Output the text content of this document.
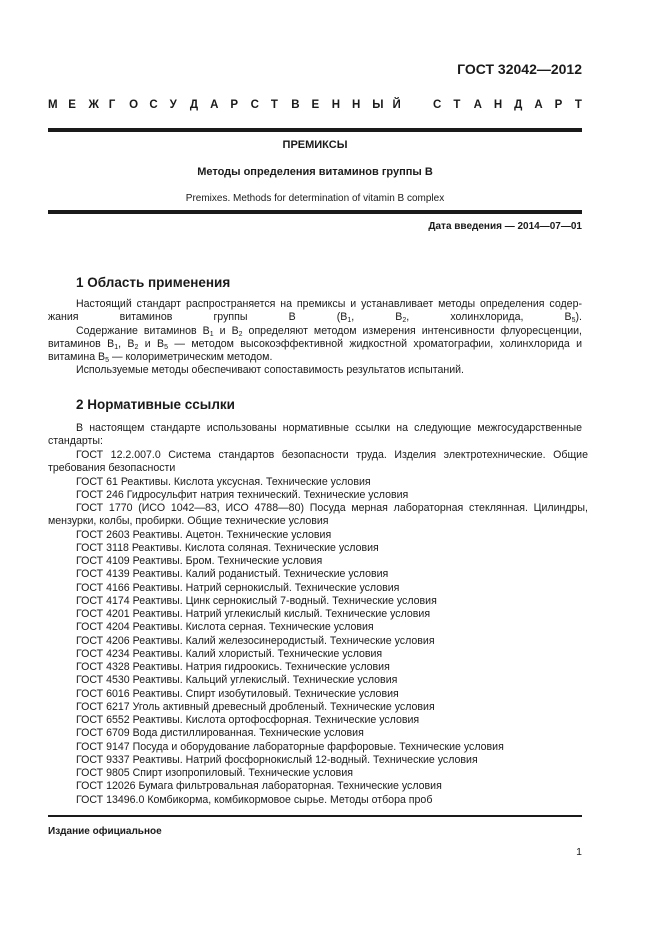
ГОСТ 32042—2012
М Е	Ж Г	О С	У	Д	А	Р	С	Т	В	Е	Н	Н	Ы Й	С	Т	А	Н	Д	А	Р	Т
ПРЕМИКСЫ
Методы определения витаминов группы В
Premixes. Methods for determination of vitamin B complex
Дата введения — 2014—07—01
1 Область применения

Настоящий стандарт распространяется на премиксы и устанавливает методы определения содер-жания витаминов группы В ($В_1$, $В_2$, холинхлорида, $В_5$).

Содержание витаминов $В_1$ и $В_2$ определяют методом измерения интенсивности флуоресценции, витаминов $В_1$, $В_2$ и $В_5$ — методом высокоэффективной жидкостной хроматографии, холинхлорида и витамина $В_5$ — колориметрическим методом.

Используемые методы обеспечивают сопоставимость результатов испытаний.

2 Нормативные ссылки

В настоящем стандарте использованы нормативные ссылки на следующие межгосударственные стандарты:

ГОСТ 12.2.007.0 Система стандартов безопасности труда. Изделия электротехнические. Общие требования безопасности
ГОСТ 61 Реактивы. Кислота уксусная. Технические условия
ГОСТ 246 Гидросульфит натрия технический. Технические условия
ГОСТ 1770 (ИСО 1042—83, ИСО 4788—80) Посуда мерная лабораторная стеклянная. Цилиндры, мензурки, колбы, пробирки. Общие технические условия
ГОСТ 2603 Реактивы. Ацетон. Технические условия
ГОСТ 3118 Реактивы. Кислота соляная. Технические условия
ГОСТ 4109 Реактивы. Бром. Технические условия
ГОСТ 4139 Реактивы. Калий роданистый. Технические условия
ГОСТ 4166 Реактивы. Натрий сернокислый. Технические условия
ГОСТ 4174 Реактивы. Цинк сернокислый 7-водный. Технические условия
ГОСТ 4201 Реактивы. Натрий углекислый кислый. Технические условия
ГОСТ 4204 Реактивы. Кислота серная. Технические условия
ГОСТ 4206 Реактивы. Калий железосинеродистый. Технические условия
ГОСТ 4234 Реактивы. Калий хлористый. Технические условия
ГОСТ 4328 Реактивы. Натрия гидроокись. Технические условия
ГОСТ 4530 Реактивы. Кальций углекислый. Технические условия
ГОСТ 6016 Реактивы. Спирт изобутиловый. Технические условия
ГОСТ 6217 Уголь активный древесный дробленый. Технические условия
ГОСТ 6552 Реактивы. Кислота ортофосфорная. Технические условия
ГОСТ 6709 Вода дистиллированная. Технические условия
ГОСТ 9147 Посуда и оборудование лабораторные фарфоровые. Технические условия
ГОСТ 9337 Реактивы. Натрий фосфорнокислый 12-водный. Технические условия
ГОСТ 9805 Спирт изопропиловый. Технические условия
ГОСТ 12026 Бумага фильтровальная лабораторная. Технические условия
ГОСТ 13496.0 Комбикорма, комбикормовое сырье. Методы отбора проб
Издание официальное
1
